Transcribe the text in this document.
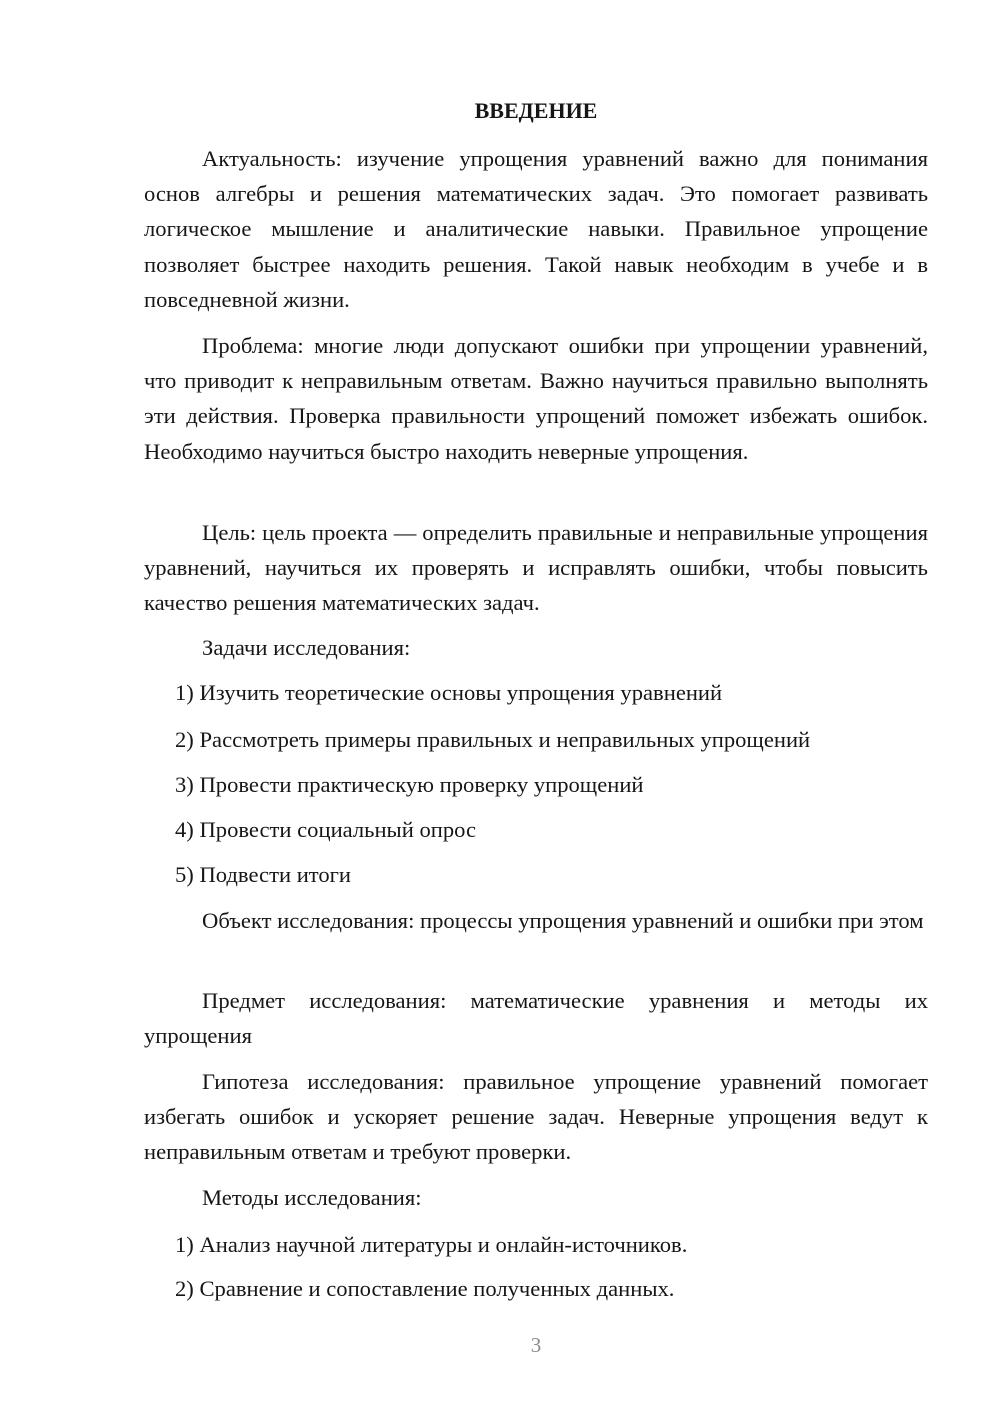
ВВЕДЕНИЕ

Актуальность: изучение упрощения уравнений важно для понимания основ алгебры и решения математических задач. Это помогает развивать логическое мышление и аналитические навыки. Правильное упрощение позволяет быстрее находить решения. Такой навык необходим в учебе и в повседневной жизни.

Проблема: многие люди допускают ошибки при упрощении уравнений, что приводит к неправильным ответам. Важно научиться правильно выполнять эти действия. Проверка правильности упрощений поможет избежать ошибок. Необходимо научиться быстро находить неверные упрощения.

Цель: цель проекта — определить правильные и неправильные упрощения уравнений, научиться их проверять и исправлять ошибки, чтобы повысить качество решения математических задач.

Задачи исследования:

1) Изучить теоретические основы упрощения уравнений

2) Рассмотреть примеры правильных и неправильных упрощений

3) Провести практическую проверку упрощений

4) Провести социальный опрос

5) Подвести итоги

Объект исследования: процессы упрощения уравнений и ошибки при этом

Предмет исследования: математические уравнения и методы их упрощения

Гипотеза исследования: правильное упрощение уравнений помогает избегать ошибок и ускоряет решение задач. Неверные упрощения ведут к неправильным ответам и требуют проверки.

Методы исследования:

1) Анализ научной литературы и онлайн-источников.

2) Сравнение и сопоставление полученных данных.

3
